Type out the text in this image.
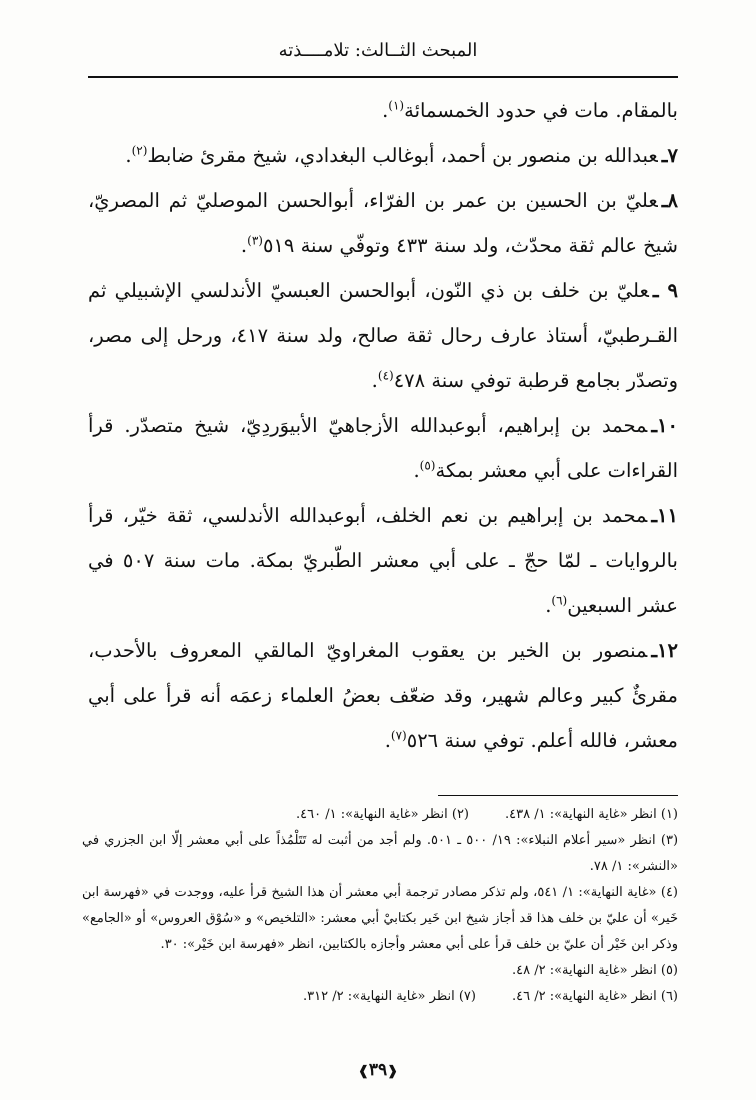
المبحث الثــالث: تلامــــذته

بالمقام. مات في حدود الخمسمائة$^{(١)}$.

٧ـعبدالله بن منصور بن أحمد، أبوغالب البغدادي، شيخ مقرئ ضابط$^{(٢)}$.

٨ـعليّ بن الحسين بن عمر بن الفرّاء، أبوالحسن الموصليّ ثم المصريّ، شيخ عالم ثقة محدّث، ولد سنة ٤٣٣ وتوفّي سنة ٥١٩$^{(٣)}$.

٩ ـعليّ بن خلف بن ذي النّون، أبوالحسن العبسيّ الأندلسي الإشبيلي ثم القـرطبيّ، أستاذ عارف رحال ثقة صالح، ولد سنة ٤١٧، ورحل إلى مصر، وتصدّر بجامع قرطبة توفي سنة ٤٧٨$^{(٤)}$.

١٠ـمحمد بن إبراهيم، أبوعبدالله الأزجاهيّ الأبيوَردِيّ، شيخ متصدّر. قرأ القراءات على أبي معشر بمكة$^{(٥)}$.

١١ـمحمد بن إبراهيم بن نعم الخلف، أبوعبدالله الأندلسي، ثقة خيّر، قرأ بالروايات ـ لمّا حجّ ـ على أبي معشر الطّبريّ بمكة. مات سنة ٥٠٧ في عشر السبعين$^{(٦)}$.

١٢ـمنصور بن الخير بن يعقوب المغراويّ المالقي المعروف بالأحدب، مقرئٌ كبير وعالم شهير، وقد ضعّف بعضُ العلماء زعمَه أنه قرأ على أبي معشر، فالله أعلم. توفي سنة ٥٢٦$^{(٧)}$.

(١) انظر «غاية النهاية»: ١/ ٤٣٨.
(٢) انظر «غاية النهاية»: ١/ ٤٦٠.

(٣) انظر «سير أعلام النبلاء»: ١٩/ ٥٠٠ ـ ٥٠١. ولم أجد من أثبت له تَتَلْمُذاً على أبي معشر إلّا ابن الجزري في «النشر»: ١/ ٧٨.

(٤) «غاية النهاية»: ١/ ٥٤١، ولم تذكر مصادر ترجمة أبي معشر أن هذا الشيخ قرأ عليه، ووجدت في «فهرسة ابن خَير» أن عليّ بن خلف هذا قد أجاز شيخ ابن خَير بكتابيْ أبي معشر: «التلخيص» و «سُوْق العروس» أو «الجامع» وذكر ابن خَيْر أن عليّ بن خلف قرأ على أبي معشر وأجازه بالكتابين، انظر «فهرسة ابن خَيْر»: ٣٠.

(٥) انظر «غاية النهاية»: ٢/ ٤٨.

(٦) انظر «غاية النهاية»: ٢/ ٤٦.
(٧) انظر «غاية النهاية»: ٢/ ٣١٢.
❰٣٩❱
